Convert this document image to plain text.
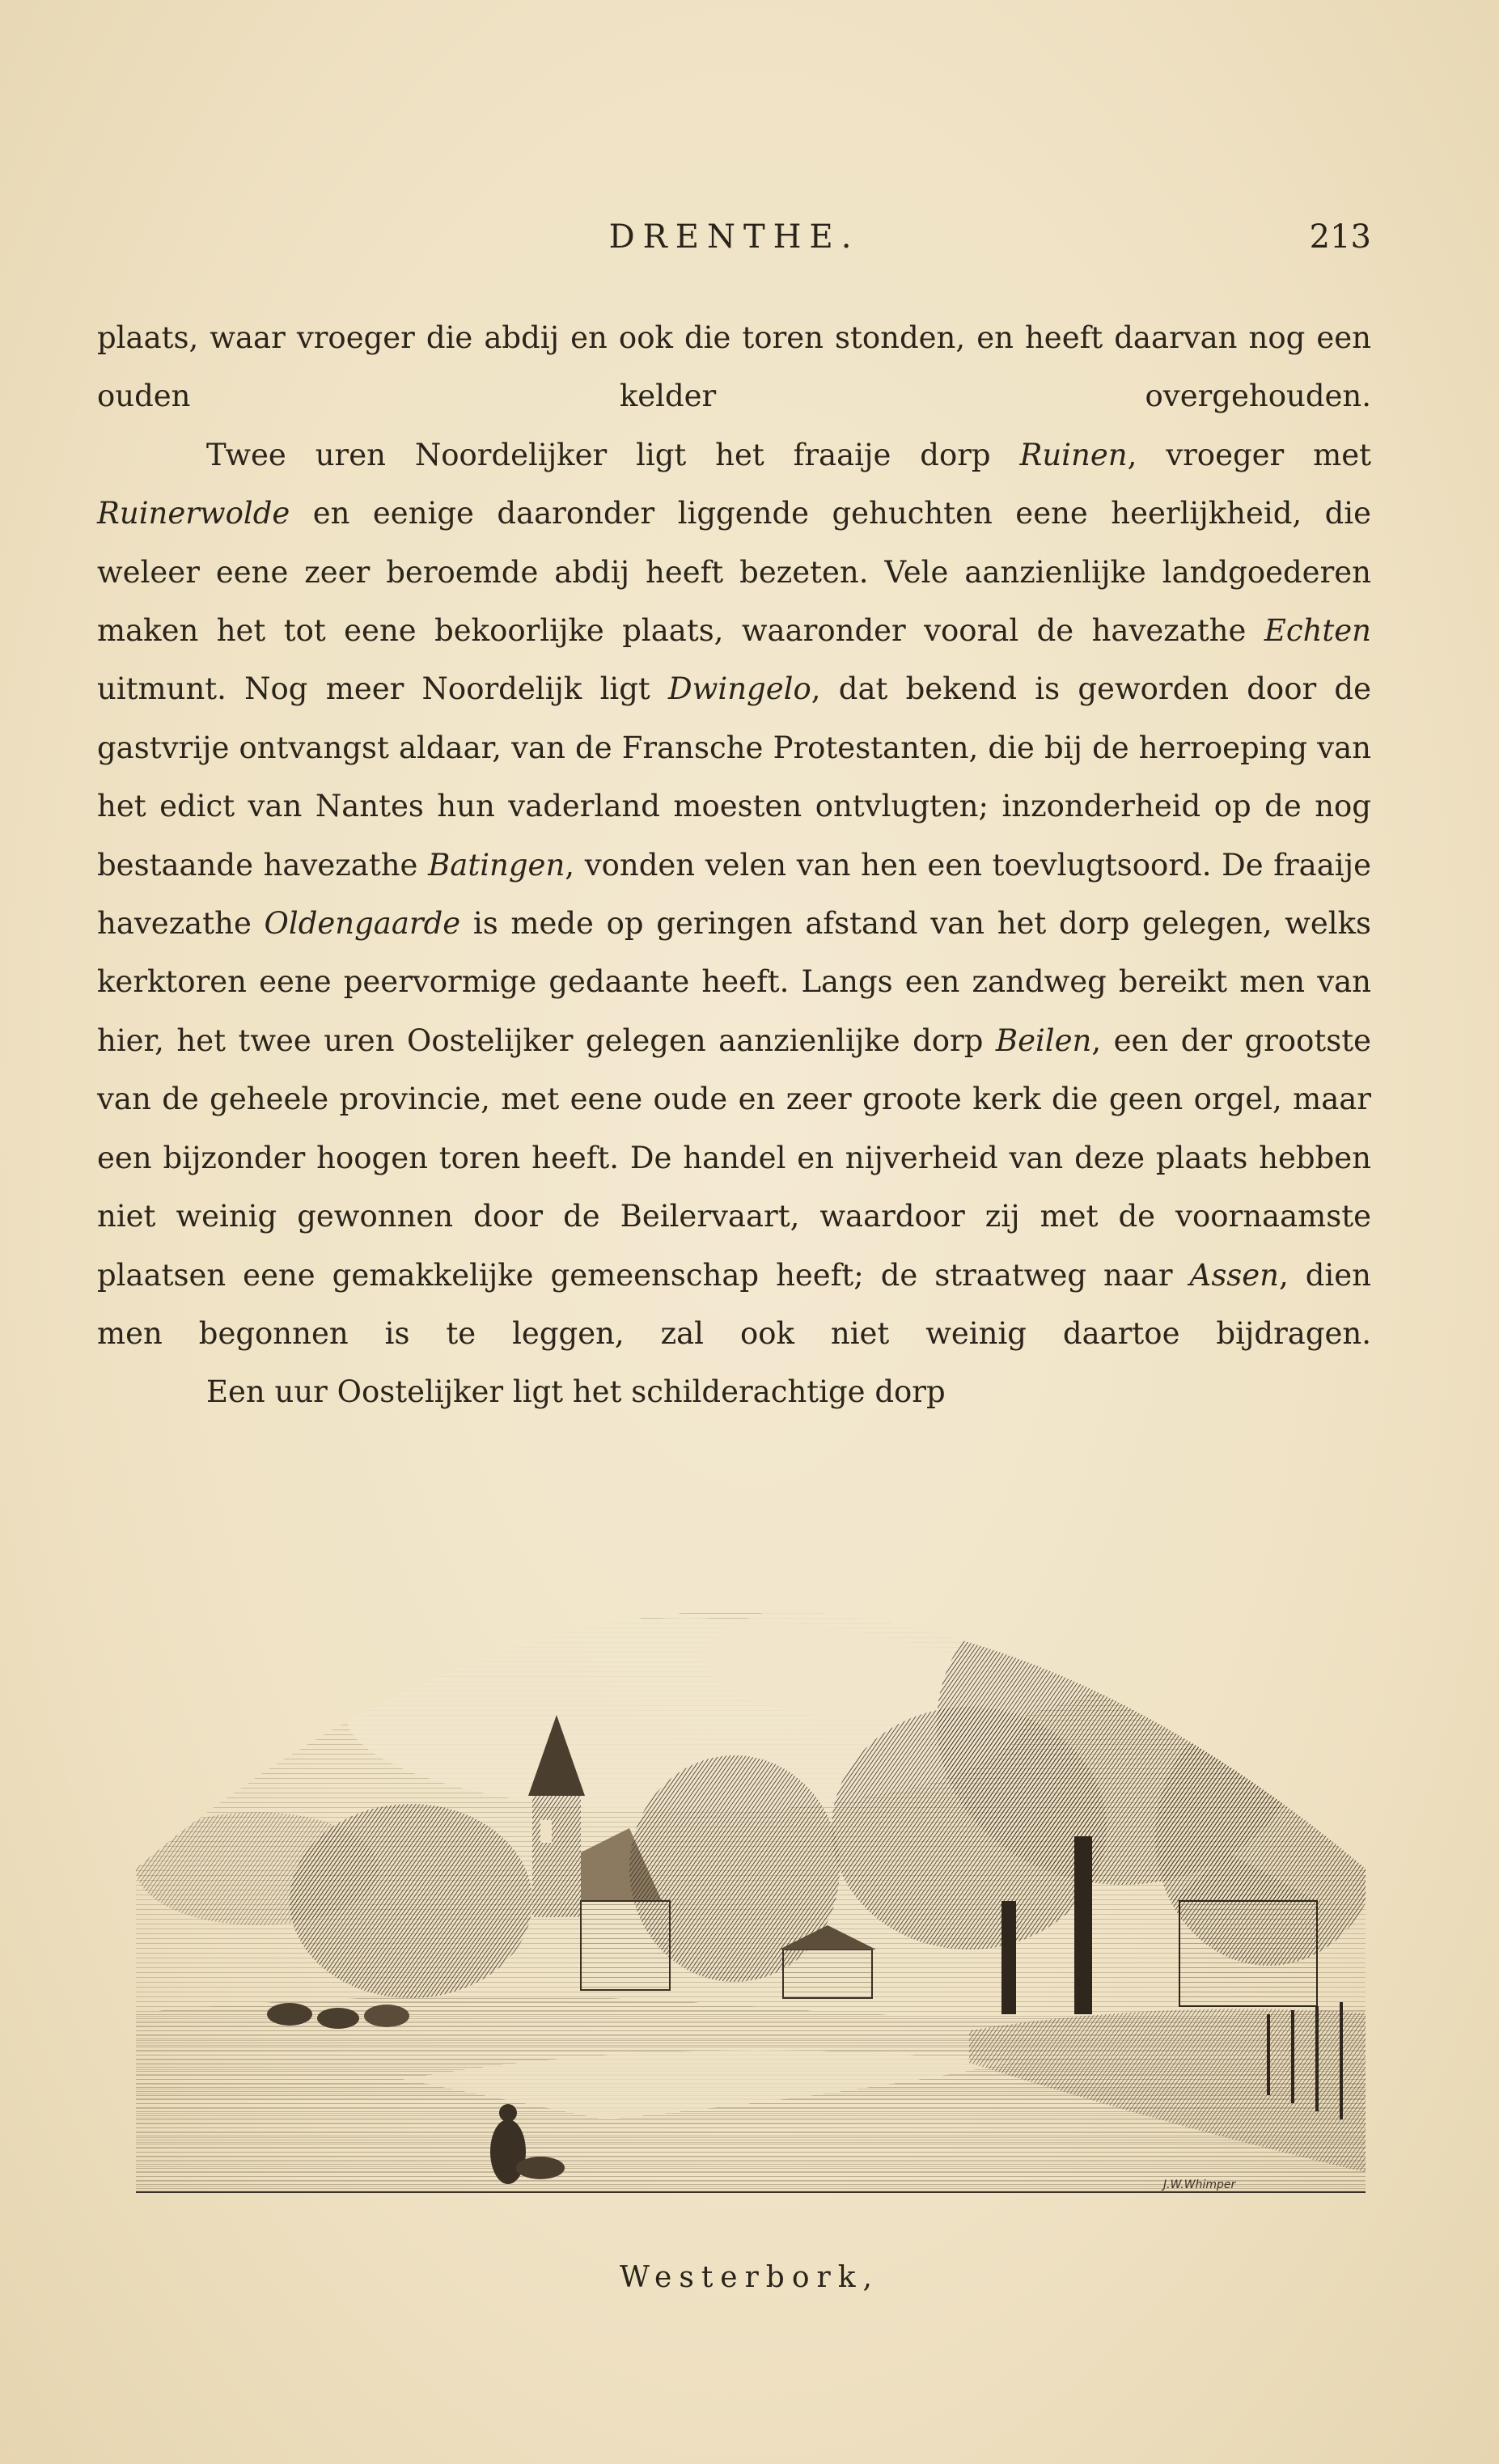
DRENTHE.	213

plaats, waar vroeger die abdij en ook die toren stonden, en heeft daarvan nog een ouden kelder overgehouden.

Twee uren Noordelijker ligt het fraaije dorp Ruinen, vroeger met Ruinerwolde en eenige daaronder liggende gehuchten eene heerlijkheid, die weleer eene zeer beroemde abdij heeft bezeten. Vele aanzienlijke landgoederen maken het tot eene bekoorlijke plaats, waaronder vooral de havezathe Echten uitmunt. Nog meer Noordelijk ligt Dwingelo, dat bekend is geworden door de gastvrije ontvangst aldaar, van de Fransche Protestanten, die bij de herroeping van het edict van Nantes hun vaderland moesten ontvlugten; inzonderheid op de nog bestaande havezathe Batingen, vonden velen van hen een toevlugtsoord. De fraaije havezathe Oldengaarde is mede op geringen afstand van het dorp gelegen, welks kerktoren eene peervormige gedaante heeft. Langs een zandweg bereikt men van hier, het twee uren Oostelijker gelegen aanzienlijke dorp Beilen, een der grootste van de geheele provincie, met eene oude en zeer groote kerk die geen orgel, maar een bijzonder hoogen toren heeft. De handel en nijverheid van deze plaats hebben niet weinig gewonnen door de Beilervaart, waardoor zij met de voornaamste plaatsen eene gemakkelijke gemeenschap heeft; de straatweg naar Assen, dien men begonnen is te leggen, zal ook niet weinig daartoe bijdragen.

Een uur Oostelijker ligt het schilderachtige dorp

J.W.Whimper
Westerbork,
